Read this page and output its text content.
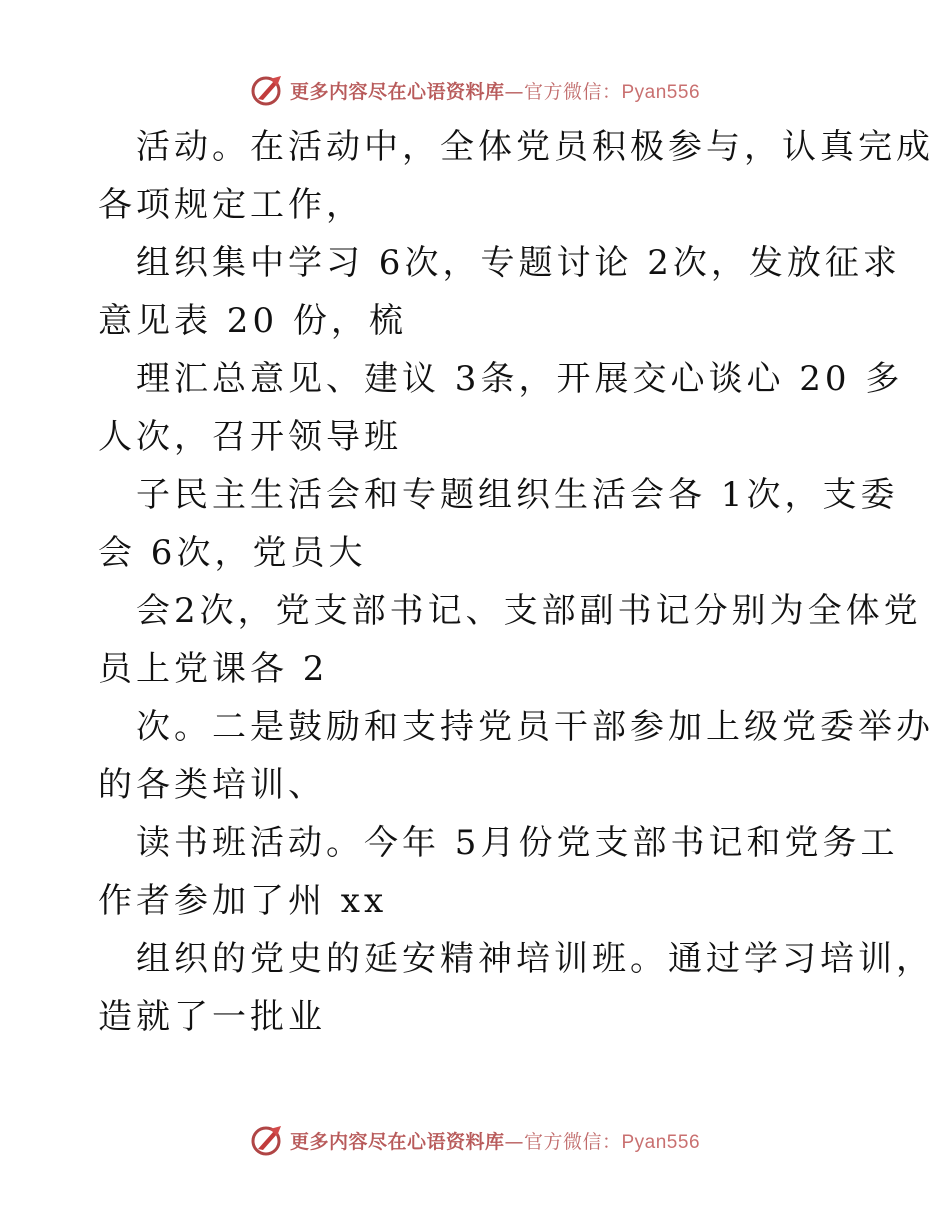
更多内容尽在心语资料库—官方微信：Pyan556
活动。在活动中，全体党员积极参与，认真完成
各项规定工作，
组织集中学习 6次，专题讨论 2次，发放征求
意见表 20 份，梳
理汇总意见、建议 3条，开展交心谈心 20 多
人次，召开领导班
子民主生活会和专题组织生活会各 1次，支委
会 6次，党员大
会2次，党支部书记、支部副书记分别为全体党
员上党课各 2
次。二是鼓励和支持党员干部参加上级党委举办
的各类培训、
读书班活动。今年 5月份党支部书记和党务工
作者参加了州 xx
组织的党史的延安精神培训班。通过学习培训，
造就了一批业
更多内容尽在心语资料库—官方微信：Pyan556
